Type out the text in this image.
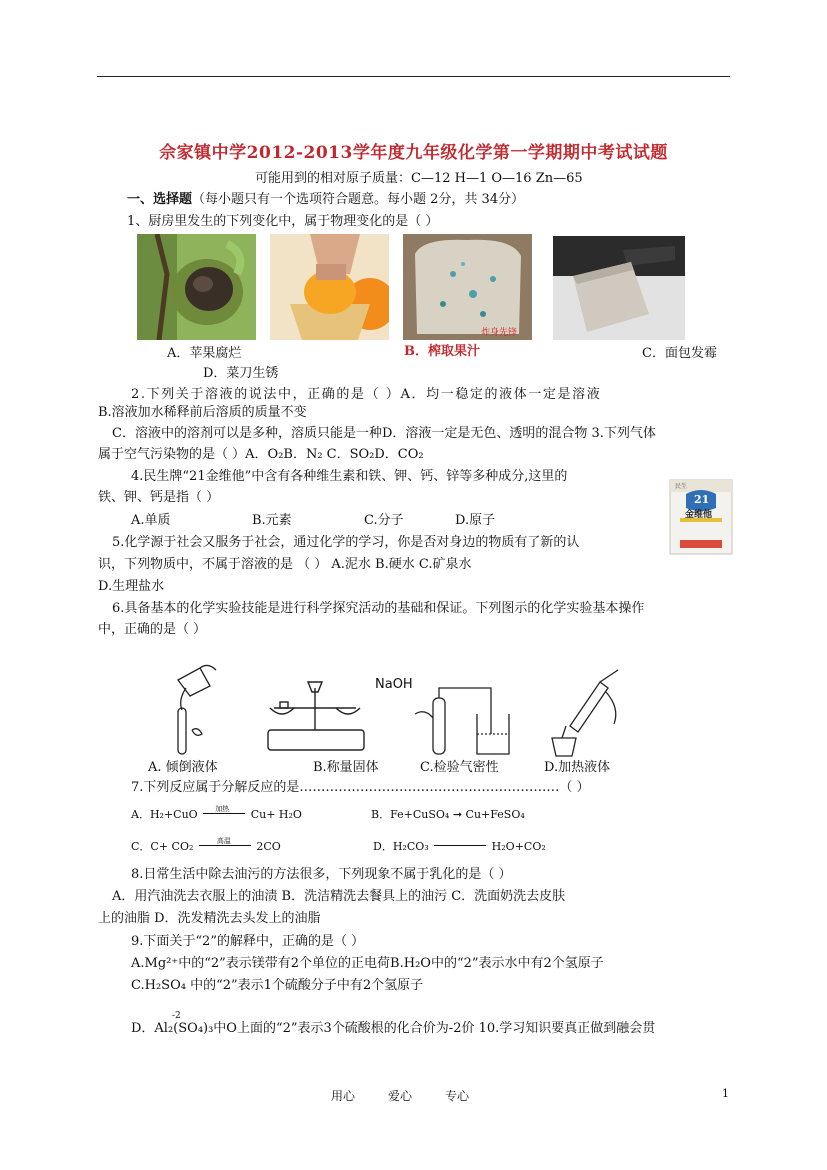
佘家镇中学2012-2013学年度九年级化学第一学期期中考试试题
可能用到的相对原子质量：C—12 H—1 O—16 Zn—65
一、选择题（每小题只有一个选项符合题意。每小题 2分，共 34分）
1、厨房里发生的下列变化中，属于物理变化的是（ ）
炸身先锋
A．苹果腐烂	B．榨取果汁	C．面包发霉
D．菜刀生锈
2.下列关于溶液的说法中，正确的是（ ）A．均一稳定的液体一定是溶液
B.溶液加水稀释前后溶质的质量不变
C．溶液中的溶剂可以是多种，溶质只能是一种D．溶液一定是无色、透明的混合物 3.下列气体
属于空气污染物的是（ ）A．O₂B．N₂ C．SO₂D．CO₂
4.民生牌“21金维他”中含有各种维生素和铁、钾、钙、锌等多种成分,这里的
铁、钾、钙是指（ ）
A.单质	B.元素	C.分子	D.原子
民生
21
金维他
5.化学源于社会又服务于社会，通过化学的学习，你是否对身边的物质有了新的认
识，下列物质中，不属于溶液的是 （ ） A.泥水 B.硬水 C.矿泉水
D.生理盐水
6.具备基本的化学实验技能是进行科学探究活动的基础和保证。下列图示的化学实验基本操作
中，正确的是（ ）
NaOH
A. 倾倒液体	B.称量固体	C.检验气密性	D.加热液体
7.下列反应属于分解反应的是……………………………………………………（ ）
A．H₂+CuO	加热 Cu+ H₂O	B．Fe+CuSO₄ ➞ Cu+FeSO₄
C．C+ CO₂	高温 2CO	D．H₂CO₃	H₂O+CO₂
8.日常生活中除去油污的方法很多，下列现象不属于乳化的是（ ）
A．用汽油洗去衣服上的油渍 B．洗洁精洗去餐具上的油污 C．洗面奶洗去皮肤
上的油脂 D．洗发精洗去头发上的油脂
9.下面关于“2”的解释中，正确的是（ ）
A.Mg²⁺中的“2”表示镁带有2个单位的正电荷B.H₂O中的“2”表示水中有2个氢原子
C.H₂SO₄ 中的“2”表示1个硫酸分子中有2个氢原子
-2
D．Al₂(SO₄)₃中O上面的“2”表示3个硫酸根的化合价为-2价 10.学习知识要真正做到融会贯
用心	爱心	专心	1
